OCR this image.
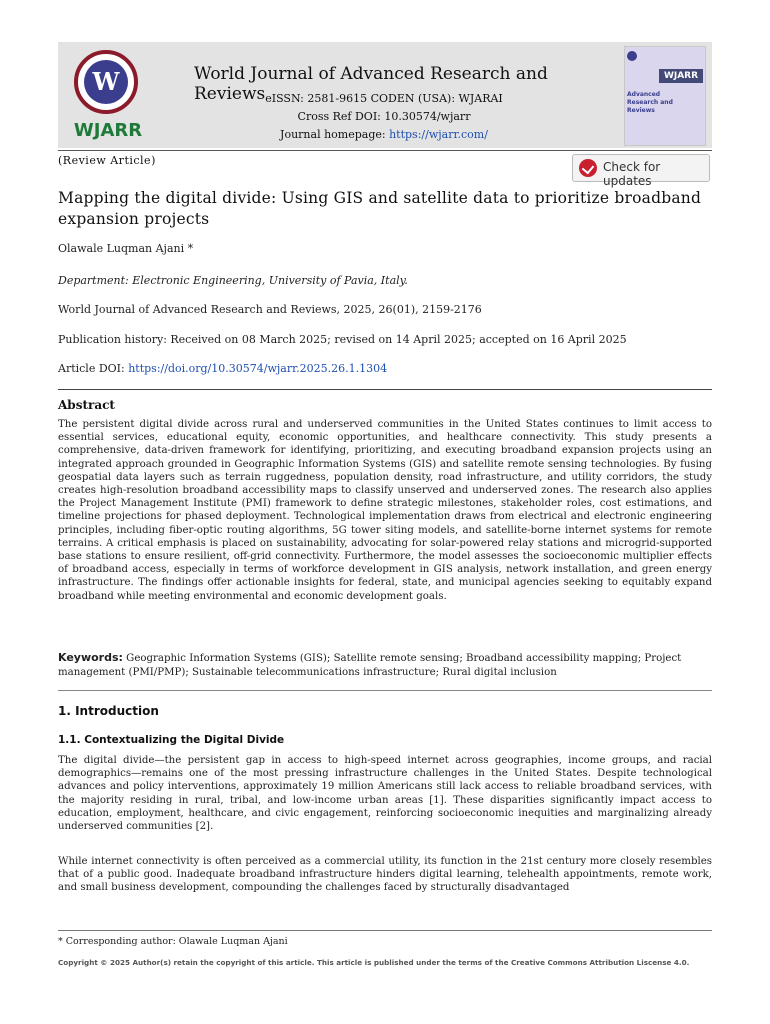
W
WJARR
World Journal of Advanced Research and Reviews eISSN: 2581-9615 CODEN (USA): WJARAI
Cross Ref DOI: 10.30574/wjarr
Journal homepage: https://wjarr.com/
WJARR
Advanced Research and Reviews
(Review Article)	Check for updates
Mapping the digital divide: Using GIS and satellite data to prioritize broadband expansion projects
Olawale Luqman Ajani *
Department: Electronic Engineering, University of Pavia, Italy.
World Journal of Advanced Research and Reviews, 2025, 26(01), 2159-2176
Publication history: Received on 08 March 2025; revised on 14 April 2025; accepted on 16 April 2025
Article DOI: https://doi.org/10.30574/wjarr.2025.26.1.1304
Abstract
The persistent digital divide across rural and underserved communities in the United States continues to limit access to essential services, educational equity, economic opportunities, and healthcare connectivity. This study presents a comprehensive, data-driven framework for identifying, prioritizing, and executing broadband expansion projects using an integrated approach grounded in Geographic Information Systems (GIS) and satellite remote sensing technologies. By fusing geospatial data layers such as terrain ruggedness, population density, road infrastructure, and utility corridors, the study creates high-resolution broadband accessibility maps to classify unserved and underserved zones. The research also applies the Project Management Institute (PMI) framework to define strategic milestones, stakeholder roles, cost estimations, and timeline projections for phased deployment. Technological implementation draws from electrical and electronic engineering principles, including fiber-optic routing algorithms, 5G tower siting models, and satellite-borne internet systems for remote terrains. A critical emphasis is placed on sustainability, advocating for solar-powered relay stations and microgrid-supported base stations to ensure resilient, off-grid connectivity. Furthermore, the model assesses the socioeconomic multiplier effects of broadband access, especially in terms of workforce development in GIS analysis, network installation, and green energy infrastructure. The findings offer actionable insights for federal, state, and municipal agencies seeking to equitably expand broadband while meeting environmental and economic development goals.
Keywords: Geographic Information Systems (GIS); Satellite remote sensing; Broadband accessibility mapping; Project management (PMI/PMP); Sustainable telecommunications infrastructure; Rural digital inclusion
1. Introduction
1.1. Contextualizing the Digital Divide
The digital divide—the persistent gap in access to high-speed internet across geographies, income groups, and racial demographics—remains one of the most pressing infrastructure challenges in the United States. Despite technological advances and policy interventions, approximately 19 million Americans still lack access to reliable broadband services, with the majority residing in rural, tribal, and low-income urban areas [1]. These disparities significantly impact access to education, employment, healthcare, and civic engagement, reinforcing socioeconomic inequities and marginalizing already underserved communities [2].
While internet connectivity is often perceived as a commercial utility, its function in the 21st century more closely resembles that of a public good. Inadequate broadband infrastructure hinders digital learning, telehealth appointments, remote work, and small business development, compounding the challenges faced by structurally disadvantaged
* Corresponding author: Olawale Luqman Ajani
Copyright © 2025 Author(s) retain the copyright of this article. This article is published under the terms of the Creative Commons Attribution Liscense 4.0.
